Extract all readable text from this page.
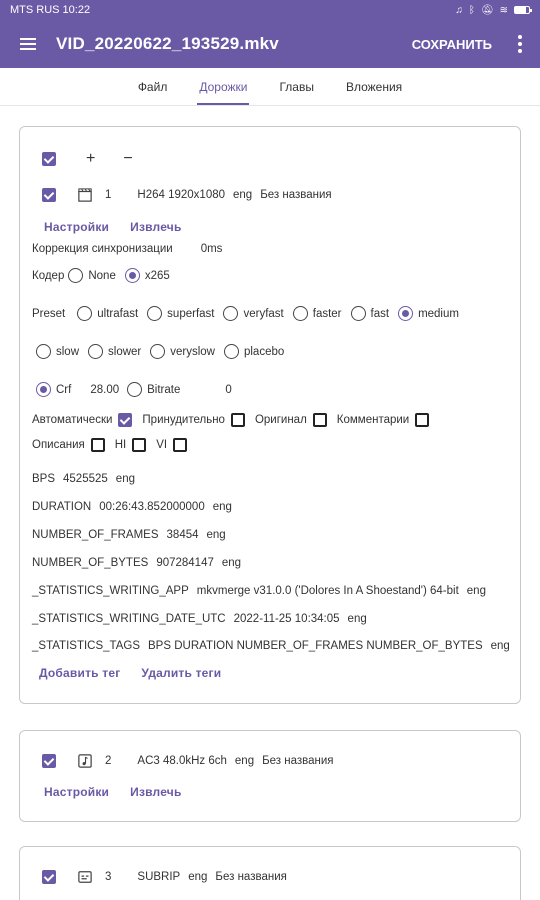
MTS RUS 10:22	♫ ᛒ 🔕︎ ≋
VID_20220622_193529.mkv	СОХРАНИТЬ
Файл	Дорожки	Главы	Вложения
+ −
1 H264 1920x1080 eng Без названия
Настройки Извлечь
Коррекция синхронизации 0ms
Кодер None	x265
Preset	ultrafast	superfast	veryfast	faster	fast	medium
slow	slower	veryslow	placebo
Crf 28.00 Bitrate	0
Автоматически	Принудительно	Оригинал	Комментарии
Описания	HI	VI
BPS 4525525 eng
DURATION 00:26:43.852000000 eng
NUMBER_OF_FRAMES 38454 eng
NUMBER_OF_BYTES 907284147 eng
_STATISTICS_WRITING_APP mkvmerge v31.0.0 ('Dolores In A Shoestand') 64-bit eng
_STATISTICS_WRITING_DATE_UTC 2022-11-25 10:34:05 eng
_STATISTICS_TAGS BPS DURATION NUMBER_OF_FRAMES NUMBER_OF_BYTES eng
Добавить тег Удалить теги
2 AC3 48.0kHz 6ch eng Без названия
Настройки Извлечь
3 SUBRIP eng Без названия
